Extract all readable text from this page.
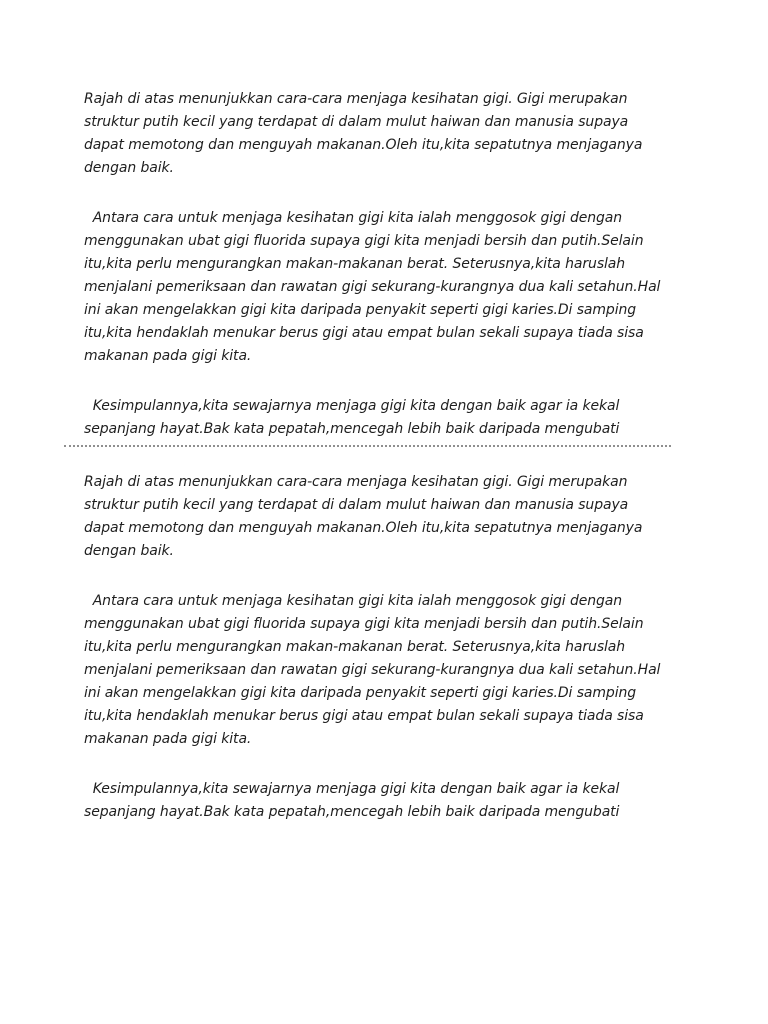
Rajah di atas menunjukkan cara-cara menjaga kesihatan gigi. Gigi merupakan
struktur putih kecil yang terdapat di dalam mulut haiwan dan manusia supaya
dapat memotong dan menguyah makanan.Oleh itu,kita sepatutnya menjaganya
dengan baik.

Antara cara untuk menjaga kesihatan gigi kita ialah menggosok gigi dengan
menggunakan ubat gigi fluorida supaya gigi kita menjadi bersih dan putih.Selain
itu,kita perlu mengurangkan makan-makanan berat. Seterusnya,kita haruslah
menjalani pemeriksaan dan rawatan gigi sekurang-kurangnya dua kali setahun.Hal
ini akan mengelakkan gigi kita daripada penyakit seperti gigi karies.Di samping
itu,kita hendaklah menukar berus gigi atau empat bulan sekali supaya tiada sisa
makanan pada gigi kita.

Kesimpulannya,kita sewajarnya menjaga gigi kita dengan baik agar ia kekal
sepanjang hayat.Bak kata pepatah,mencegah lebih baik daripada mengubati

Rajah di atas menunjukkan cara-cara menjaga kesihatan gigi. Gigi merupakan
struktur putih kecil yang terdapat di dalam mulut haiwan dan manusia supaya
dapat memotong dan menguyah makanan.Oleh itu,kita sepatutnya menjaganya
dengan baik.

Antara cara untuk menjaga kesihatan gigi kita ialah menggosok gigi dengan
menggunakan ubat gigi fluorida supaya gigi kita menjadi bersih dan putih.Selain
itu,kita perlu mengurangkan makan-makanan berat. Seterusnya,kita haruslah
menjalani pemeriksaan dan rawatan gigi sekurang-kurangnya dua kali setahun.Hal
ini akan mengelakkan gigi kita daripada penyakit seperti gigi karies.Di samping
itu,kita hendaklah menukar berus gigi atau empat bulan sekali supaya tiada sisa
makanan pada gigi kita.

Kesimpulannya,kita sewajarnya menjaga gigi kita dengan baik agar ia kekal
sepanjang hayat.Bak kata pepatah,mencegah lebih baik daripada mengubati
